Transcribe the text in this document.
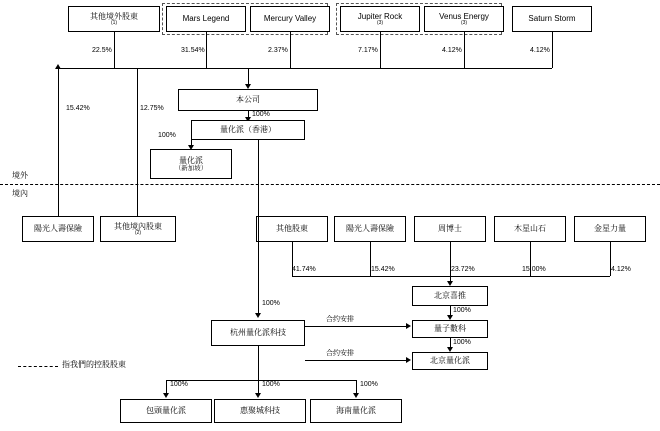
其他境外股東
(1)	Mars Legend	Mercury Valley	Jupiter Rock
(3)
Venus Energy
(3)	Saturn Storm
22.5%	31.54%	2.37%	7.17%	4.12%	4.12%
本公司
100%
量化派（香港）
100%
量化派
（新加坡）
15.42%	12.75%
境外
境內
陽光人壽保險	其他境內股東
(2)	其他股東	陽光人壽保險	周博士	木星山石	金星力量
41.74%	15.42%	23.72%	15.00%	4.12%
北京喜推
100%
量子數科
100%
北京量化派
100%
杭州量化派科技
合约安排
合约安排
100%	100%	100%
包頭量化派	惠聚城科技	海南量化派
指我們的控股股東
